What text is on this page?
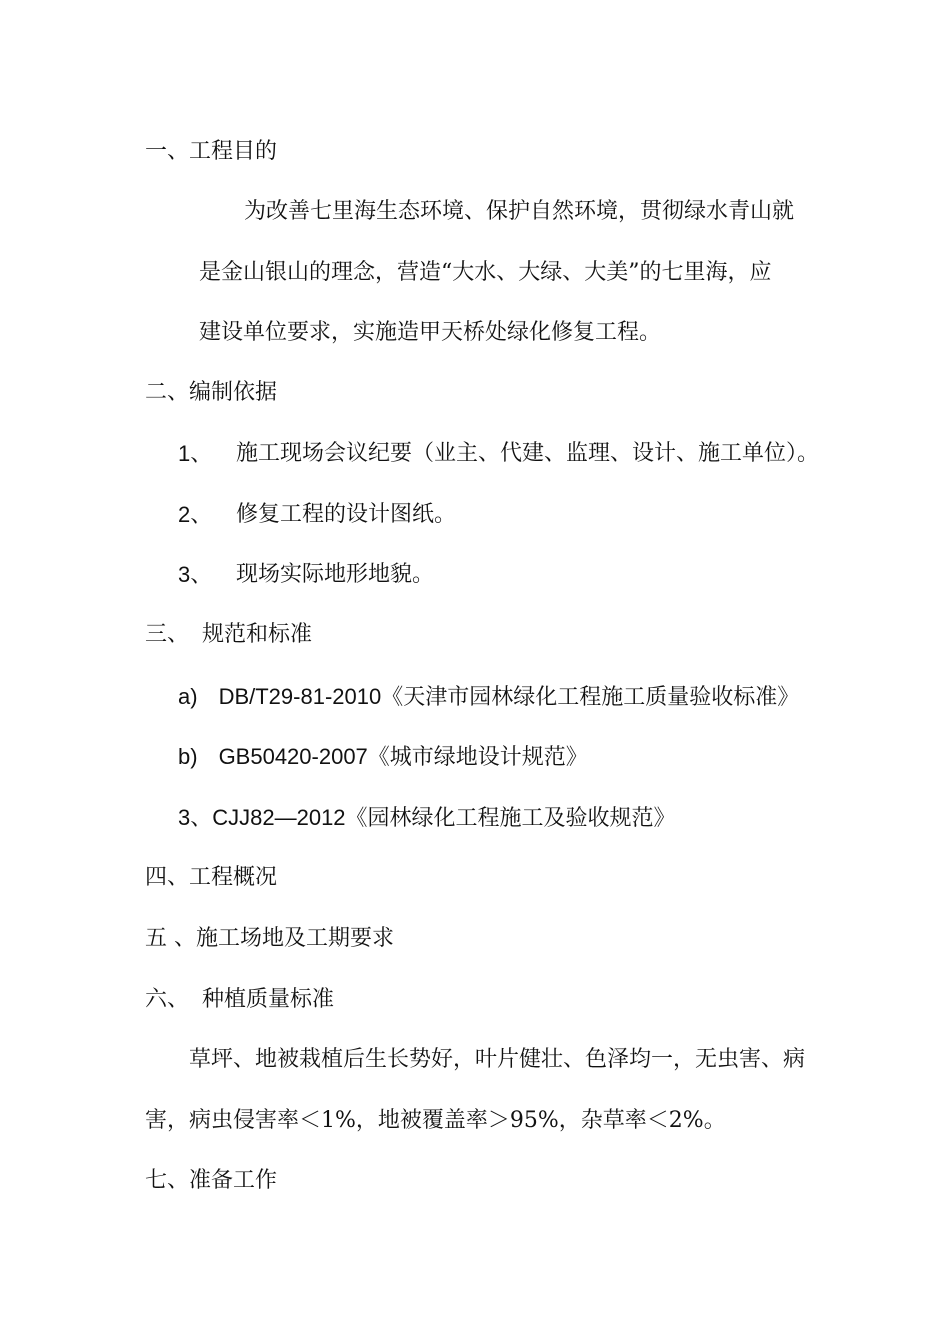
一、工程目的
为改善七里海生态环境、保护自然环境，贯彻绿水青山就
是金山银山的理念，营造“大水、大绿、大美”的七里海，应
建设单位要求，实施造甲天桥处绿化修复工程。
二、编制依据
1、 施工现场会议纪要（业主、代建、监理、设计、施工单位）。
2、 修复工程的设计图纸。
3、 现场实际地形地貌。
三、 规范和标准
a) DB/T29-81-2010《天津市园林绿化工程施工质量验收标准》
b) GB50420-2007《城市绿地设计规范》
3、CJJ82—2012《园林绿化工程施工及验收规范》
四、工程概况
五 、施工场地及工期要求
六、 种植质量标准
草坪、地被栽植后生长势好，叶片健壮、色泽均一，无虫害、病
害，病虫侵害率＜1%，地被覆盖率＞95%，杂草率＜2%。
七、准备工作
